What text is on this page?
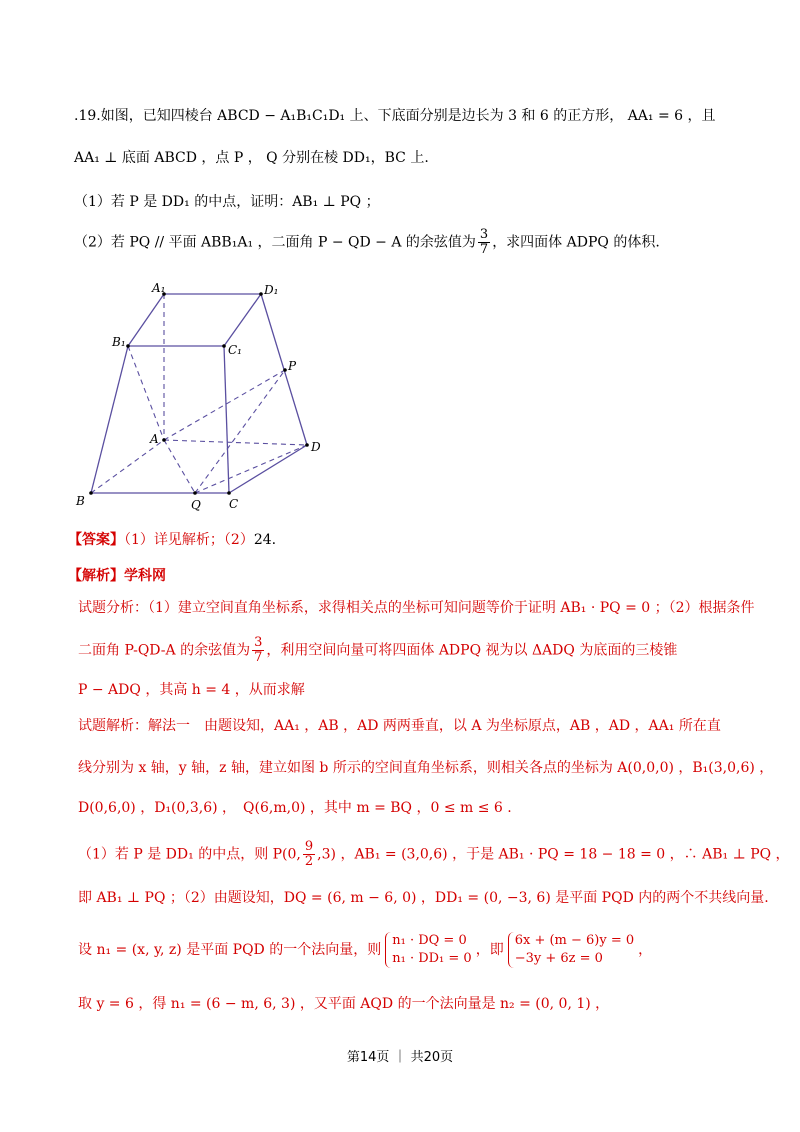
.19.如图，已知四棱台 ABCD − A₁B₁C₁D₁ 上、下底面分别是边长为 3 和 6 的正方形， AA₁ = 6 ，且
AA₁ ⊥ 底面 ABCD ，点 P ， Q 分别在棱 DD₁，BC 上.
（1）若 P 是 DD₁ 的中点，证明：AB₁ ⊥ PQ ；
（2）若 PQ // 平面 ABB₁A₁ ，二面角 P − QD − A 的余弦值为 $\frac{3}{7}$ ，求四面体 ADPQ 的体积.
A₁	D₁
B₁
C₁
P
A
D
B	Q C
【答案】（1）详见解析；（2）24.
【解析】学科网
试题分析：（1）建立空间直角坐标系，求得相关点的坐标可知问题等价于证明 AB₁ · PQ = 0 ；（2）根据条件
二面角 P-QD-A 的余弦值为 $\frac{3}{7}$ ，利用空间向量可将四面体 ADPQ 视为以 ΔADQ 为底面的三棱锥
P − ADQ ，其高 h = 4 ，从而求解
试题解析：解法一　由题设知，AA₁ ，AB ，AD 两两垂直，以 A 为坐标原点，AB ，AD ，AA₁ 所在直
线分别为 x 轴，y 轴，z 轴，建立如图 b 所示的空间直角坐标系，则相关各点的坐标为 A(0,0,0) ，B₁(3,0,6) ，
D(0,6,0) ，D₁(0,3,6) ，　Q(6,m,0) ，其中 m = BQ ，0 ≤ m ≤ 6 .
（1）若 P 是 DD₁ 的中点，则 P(0, $\frac{9}{2} ,3$) ，AB₁ = (3,0,6) ，于是 AB₁ · PQ = 18 − 18 = 0 ，∴ AB₁ ⊥ PQ ，
即 AB₁ ⊥ PQ ；（2）由题设知，DQ = (6, m − 6, 0) ，DD₁ = (0, −3, 6) 是平面 PQD 内的两个不共线向量.
设 n₁ = (x, y, z) 是平面 PQD 的一个法向量，则
n₁ · DQ = 0
n₁ · DD₁ = 0
，即
6x + (m − 6)y = 0
−3y + 6z = 0
，
取 y = 6 ，得 n₁ = (6 − m, 6, 3) ，又平面 AQD 的一个法向量是 n₂ = (0, 0, 1) ，
第14页 ｜ 共20页
